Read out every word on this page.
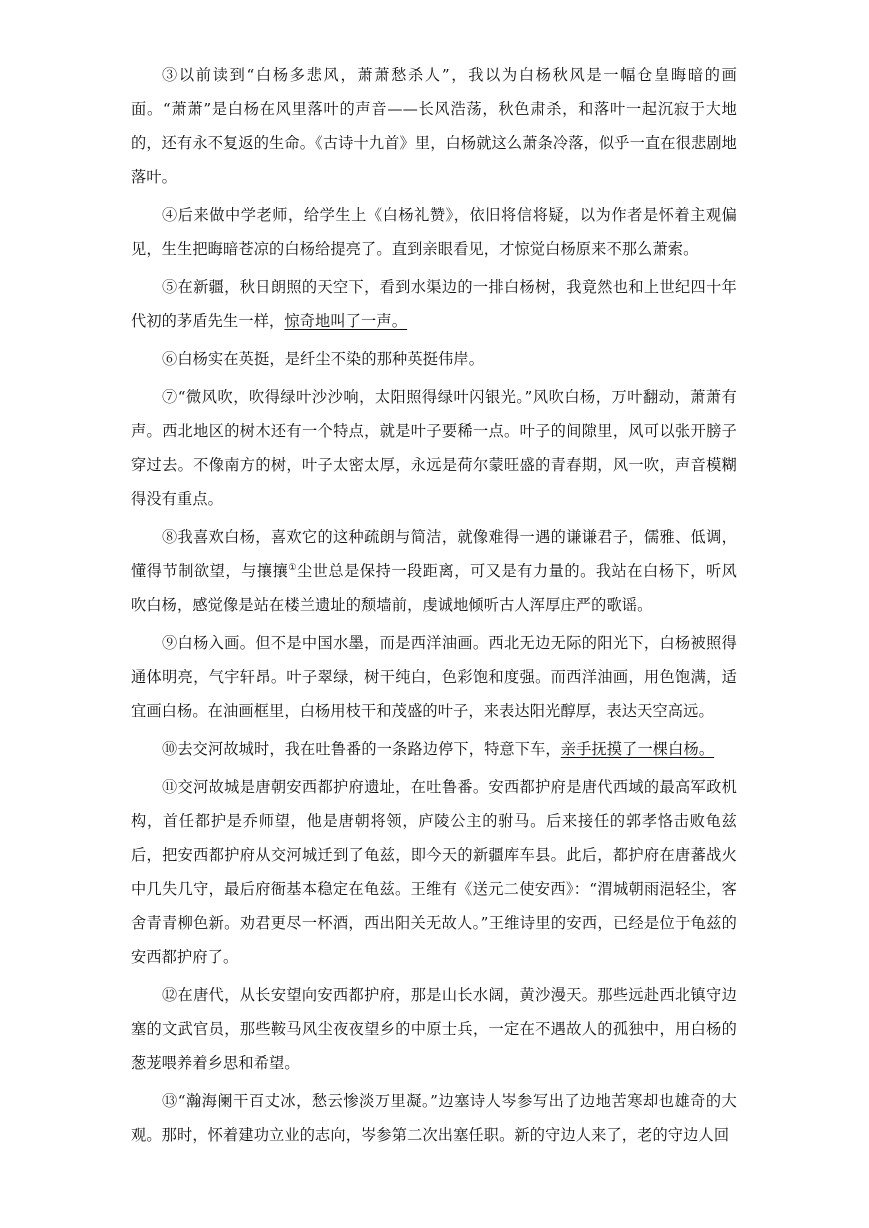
③以前读到“白杨多悲风，萧萧愁杀人”，我以为白杨秋风是一幅仓皇晦暗的画面。“萧萧”是白杨在风里落叶的声音——长风浩荡，秋色肃杀，和落叶一起沉寂于大地的，还有永不复返的生命。《古诗十九首》里，白杨就这么萧条冷落，似乎一直在很悲剧地落叶。

④后来做中学老师，给学生上《白杨礼赞》，依旧将信将疑，以为作者是怀着主观偏见，生生把晦暗苍凉的白杨给提亮了。直到亲眼看见，才惊觉白杨原来不那么萧索。

⑤在新疆，秋日朗照的天空下，看到水渠边的一排白杨树，我竟然也和上世纪四十年代初的茅盾先生一样，惊奇地叫了一声。

⑥白杨实在英挺，是纤尘不染的那种英挺伟岸。

⑦“微风吹，吹得绿叶沙沙响，太阳照得绿叶闪银光。”风吹白杨，万叶翻动，萧萧有声。西北地区的树木还有一个特点，就是叶子要稀一点。叶子的间隙里，风可以张开膀子穿过去。不像南方的树，叶子太密太厚，永远是荷尔蒙旺盛的青春期，风一吹，声音模糊得没有重点。

⑧我喜欢白杨，喜欢它的这种疏朗与简洁，就像难得一遇的谦谦君子，儒雅、低调，懂得节制欲望，与攘攘①尘世总是保持一段距离，可又是有力量的。我站在白杨下，听风吹白杨，感觉像是站在楼兰遗址的颓墙前，虔诚地倾听古人浑厚庄严的歌谣。

⑨白杨入画。但不是中国水墨，而是西洋油画。西北无边无际的阳光下，白杨被照得通体明亮，气宇轩昂。叶子翠绿，树干纯白，色彩饱和度强。而西洋油画，用色饱满，适宜画白杨。在油画框里，白杨用枝干和茂盛的叶子，来表达阳光醇厚，表达天空高远。

⑩去交河故城时，我在吐鲁番的一条路边停下，特意下车，亲手抚摸了一棵白杨。

⑪交河故城是唐朝安西都护府遗址，在吐鲁番。安西都护府是唐代西域的最高军政机构，首任都护是乔师望，他是唐朝将领，庐陵公主的驸马。后来接任的郭孝恪击败龟兹后，把安西都护府从交河城迁到了龟兹，即今天的新疆库车县。此后，都护府在唐蕃战火中几失几守，最后府衙基本稳定在龟兹。王维有《送元二使安西》：“渭城朝雨浥轻尘，客舍青青柳色新。劝君更尽一杯酒，西出阳关无故人。”王维诗里的安西，已经是位于龟兹的安西都护府了。

⑫在唐代，从长安望向安西都护府，那是山长水阔，黄沙漫天。那些远赴西北镇守边塞的文武官员，那些鞍马风尘夜夜望乡的中原士兵，一定在不遇故人的孤独中，用白杨的葱茏喂养着乡思和希望。

⑬“瀚海阑干百丈冰，愁云惨淡万里凝。”边塞诗人岑参写出了边地苦寒却也雄奇的大观。那时，怀着建功立业的志向，岑参第二次出塞任职。新的守边人来了，老的守边人回
